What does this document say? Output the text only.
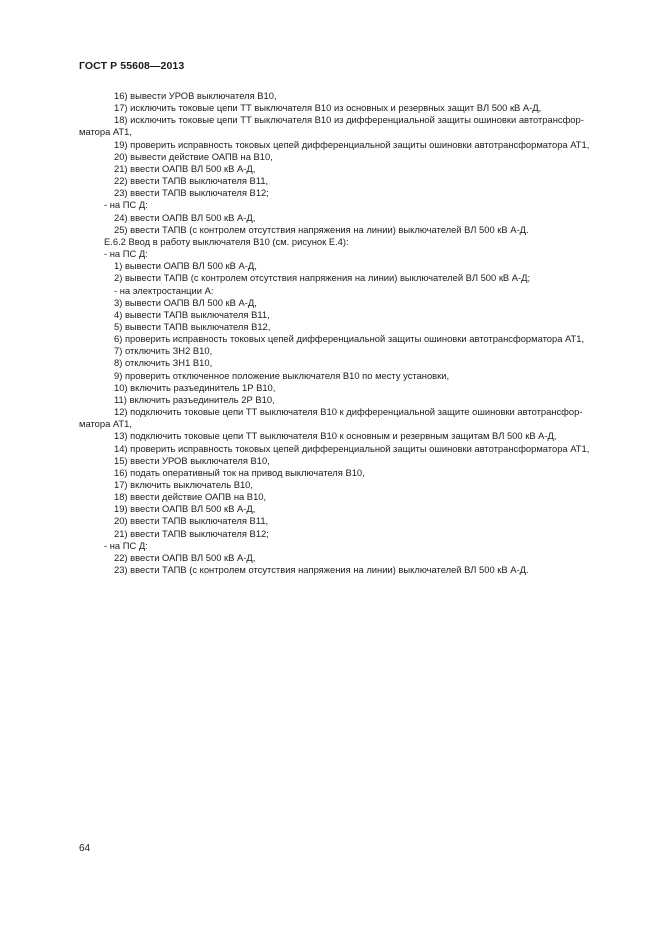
ГОСТ Р 55608—2013
16) вывести УРОВ выключателя В10,
17) исключить токовые цепи ТТ выключателя В10 из основных и резервных защит ВЛ 500 кВ А-Д,
18) исключить токовые цепи ТТ выключателя В10 из дифференциальной защиты ошиновки автотрансфор-
матора АТ1,
19) проверить исправность токовых цепей дифференциальной защиты ошиновки автотрансформатора АТ1,
20) вывести действие ОАПВ на В10,
21) ввести ОАПВ ВЛ 500 кВ А-Д,
22) ввести ТАПВ выключателя В11,
23) ввести ТАПВ выключателя В12;
- на ПС Д:
24) ввести ОАПВ ВЛ 500 кВ А-Д,
25) ввести ТАПВ (с контролем отсутствия напряжения на линии) выключателей ВЛ 500 кВ А-Д.
Е.6.2 Ввод в работу выключателя В10 (см. рисунок Е.4):
- на ПС Д:
1) вывести ОАПВ ВЛ 500 кВ А-Д,
2) вывести ТАПВ (с контролем отсутствия напряжения на линии) выключателей ВЛ 500 кВ А-Д;
- на электростанции А:
3) вывести ОАПВ ВЛ 500 кВ А-Д,
4) вывести ТАПВ выключателя В11,
5) вывести ТАПВ выключателя В12,
6) проверить исправность токовых цепей дифференциальной защиты ошиновки автотрансформатора АТ1,
7) отключить ЗН2 В10,
8) отключить ЗН1 В10,
9) проверить отключенное положение выключателя В10 по месту установки,
10) включить разъединитель 1Р В10,
11) включить разъединитель 2Р В10,
12) подключить токовые цепи ТТ выключателя В10 к дифференциальной защите ошиновки автотрансфор-
матора АТ1,
13) подключить токовые цепи ТТ выключателя В10 к основным и резервным защитам ВЛ 500 кВ А-Д,
14) проверить исправность токовых цепей дифференциальной защиты ошиновки автотрансформатора АТ1,
15) ввести УРОВ выключателя В10,
16) подать оперативный ток на привод выключателя В10,
17) включить выключатель В10,
18) ввести действие ОАПВ на В10,
19) ввести ОАПВ ВЛ 500 кВ А-Д,
20) ввести ТАПВ выключателя В11,
21) ввести ТАПВ выключателя В12;
- на ПС Д:
22) ввести ОАПВ ВЛ 500 кВ А-Д,
23) ввести ТАПВ (с контролем отсутствия напряжения на линии) выключателей ВЛ 500 кВ А-Д.
64
